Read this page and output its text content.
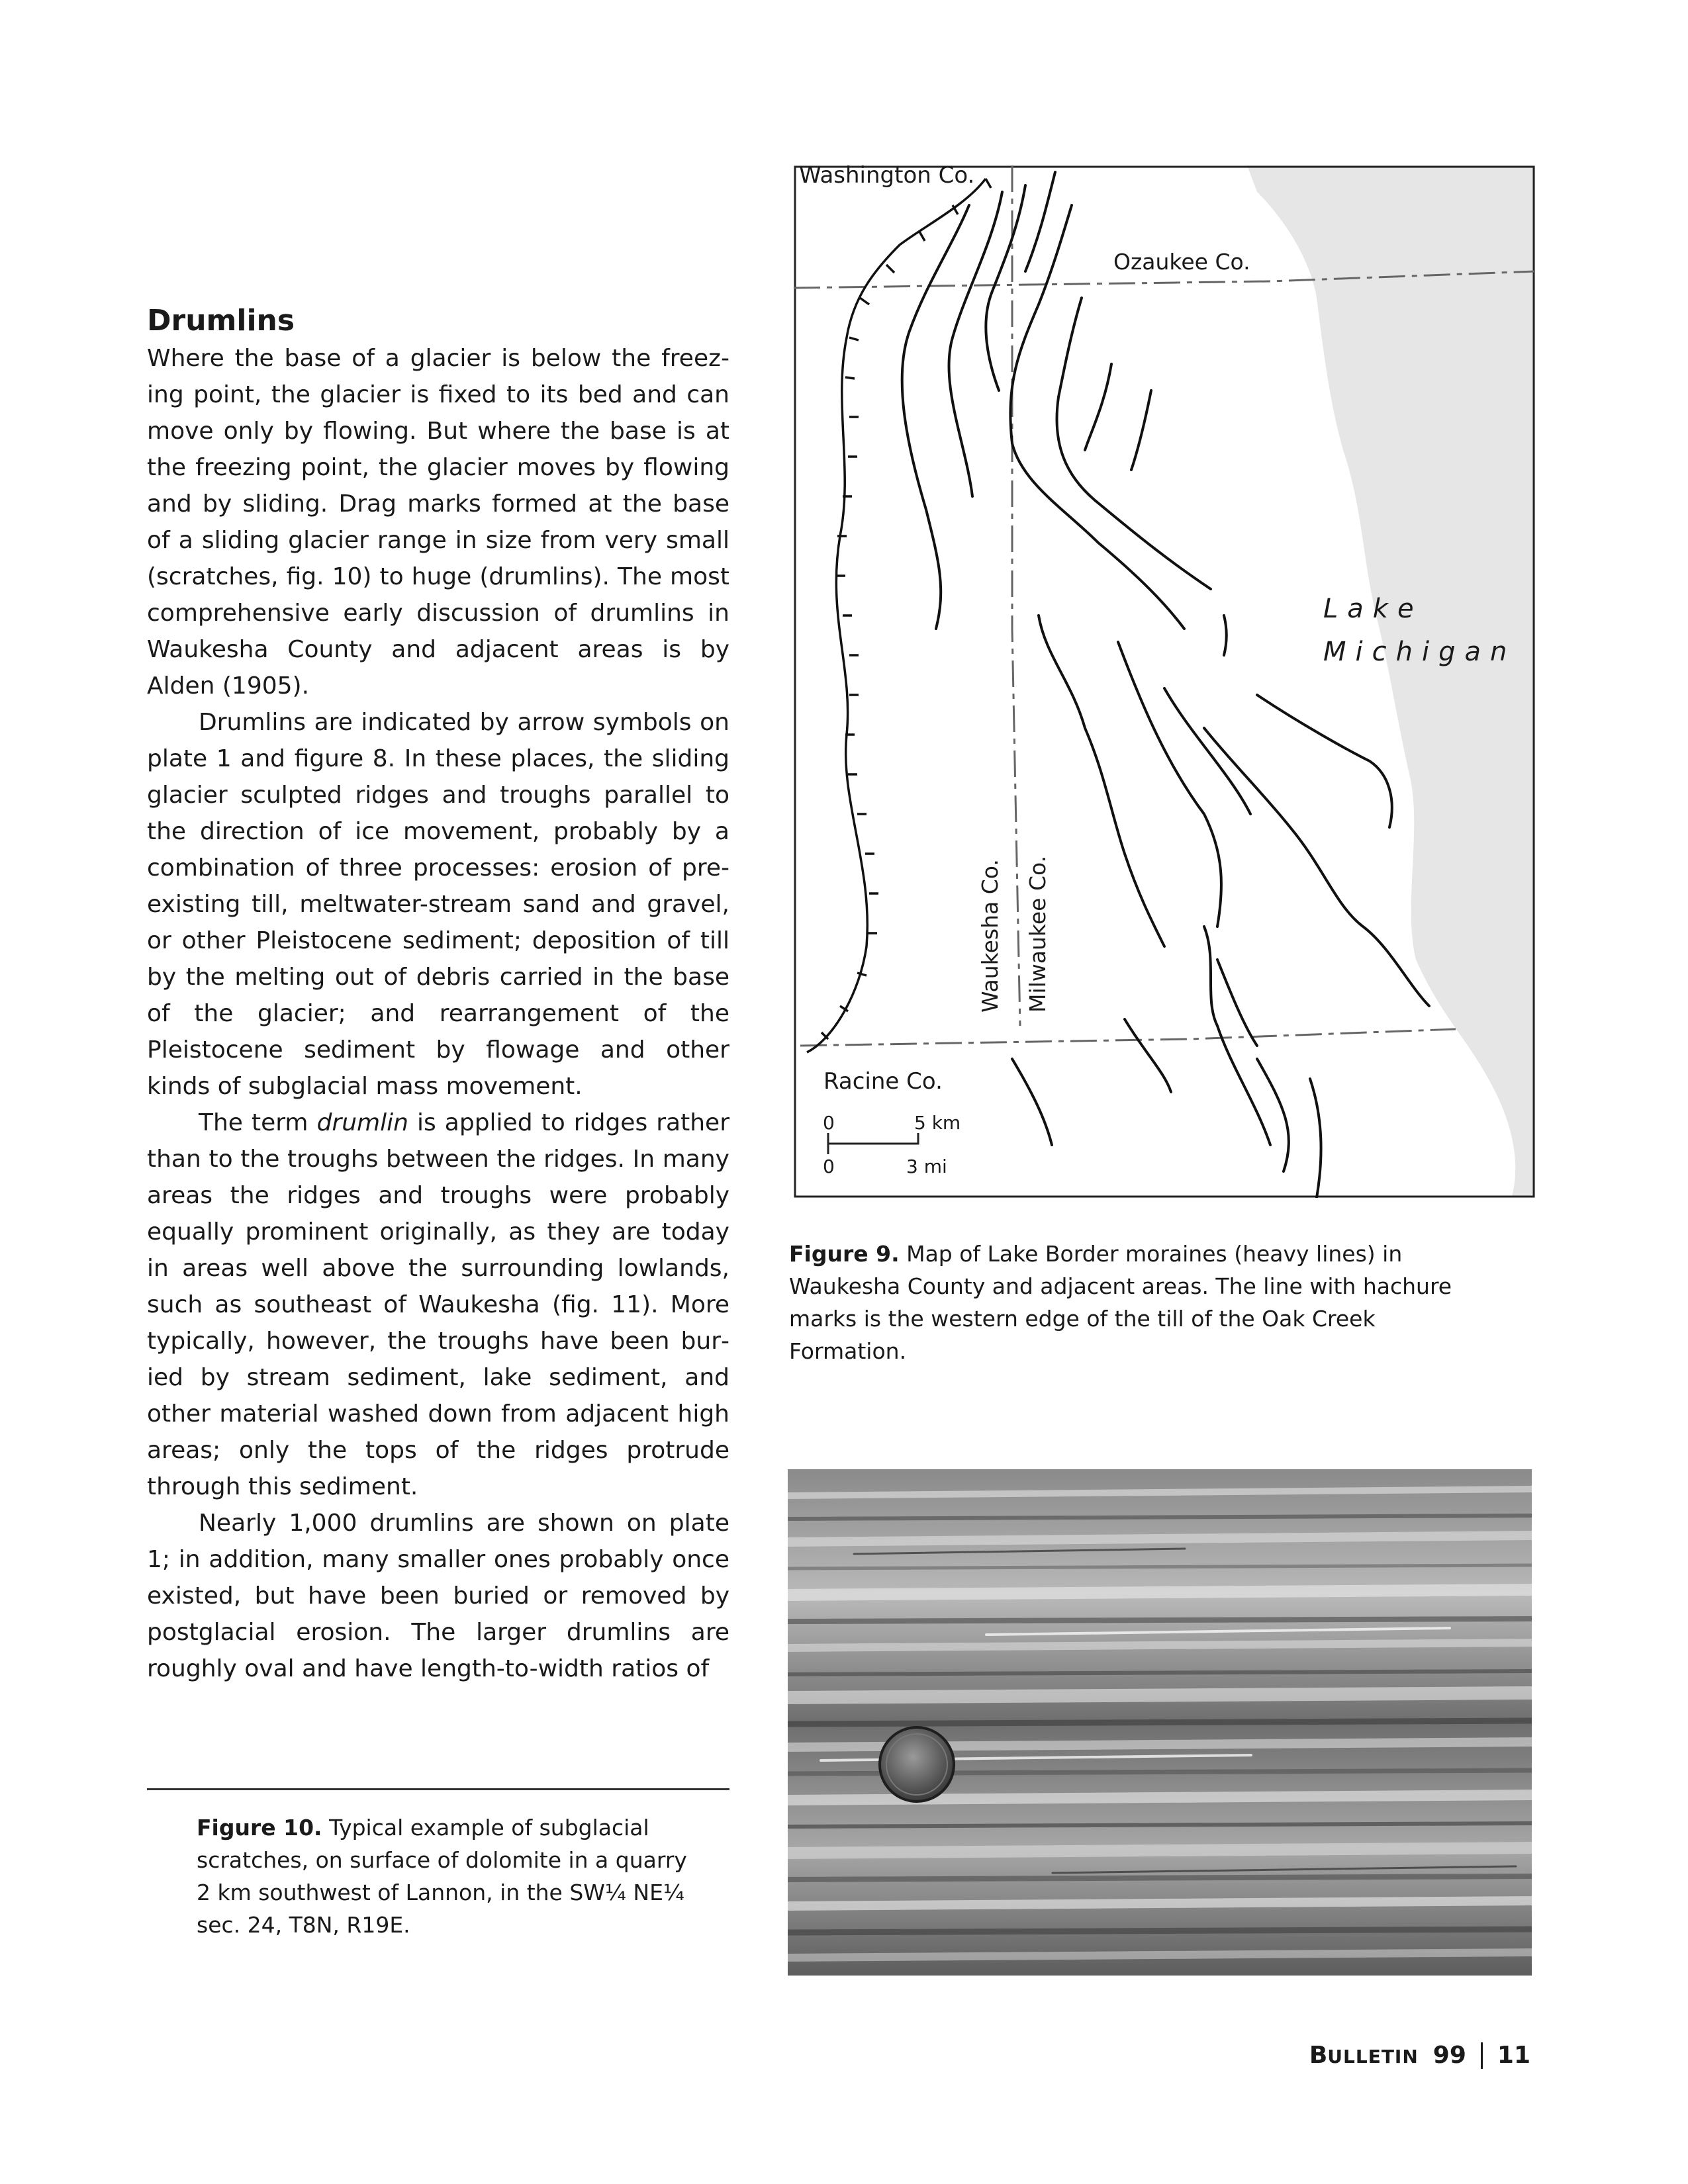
Drumlins

Where the base of a glacier is below the freezing point, the glacier is fixed to its bed and can move only by flowing. But where the base is at the freezing point, the glacier moves by flowing and by sliding. Drag marks formed at the base of a sliding glacier range in size from very small (scratches, fig. 10) to huge (drumlins). The most comprehensive early discussion of drumlins in Waukesha County and adjacent areas is by Alden (1905).

Drumlins are indicated by arrow symbols on plate 1 and figure 8. In these places, the sliding glacier sculpted ridges and troughs parallel to the direction of ice movement, probably by a combination of three processes: erosion of pre-existing till, meltwater-stream sand and gravel, or other Pleistocene sediment; deposition of till by the melting out of debris carried in the base of the glacier; and rearrangement of the Pleistocene sediment by flowage and other kinds of subglacial mass movement.

The term drumlin is applied to ridges rather than to the troughs between the ridges. In many areas the ridges and troughs were probably equally prominent originally, as they are today in areas well above the surrounding lowlands, such as southeast of Waukesha (fig. 11). More typically, however, the troughs have been buried by stream sediment, lake sediment, and other material washed down from adjacent high areas; only the tops of the ridges protrude through this sediment.

Nearly 1,000 drumlins are shown on plate 1; in addition, many smaller ones probably once existed, but have been buried or removed by postglacial erosion. The larger drumlins are roughly oval and have length-to-width ratios of

Figure 10. Typical example of subglacial scratches, on surface of dolomite in a quarry 2 km southwest of Lannon, in the SW¼ NE¼ sec. 24, T8N, R19E.

Washington Co.
Ozaukee Co.
Waukesha Co. Milwaukee Co.
Racine Co.
Lake
Michigan
0	5 km
0	3 mi

Figure 9. Map of Lake Border moraines (heavy lines) in Waukesha County and adjacent areas. The line with hachure marks is the western edge of the till of the Oak Creek Formation.

BULLETIN 99 11
